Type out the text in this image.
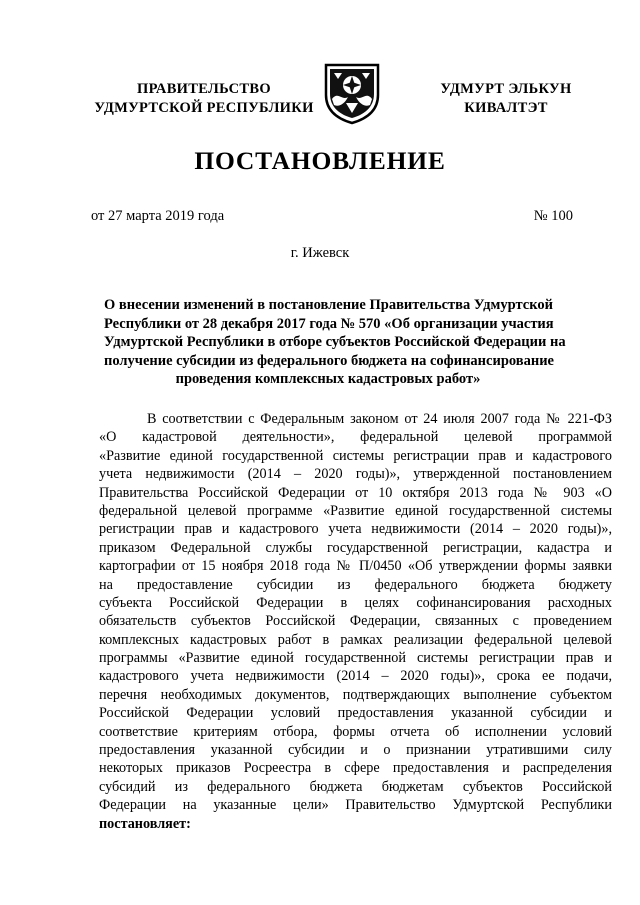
ПРАВИТЕЛЬСТВО
УДМУРТСКОЙ РЕСПУБЛИКИ
УДМУРТ ЭЛЬКУН
КИВАЛТЭТ
ПОСТАНОВЛЕНИЕ
от 27 марта 2019 года	№ 100
г. Ижевск
О внесении изменений в постановление Правительства Удмуртской
Республики от 28 декабря 2017 года № 570 «Об организации участия
Удмуртской Республики в отборе субъектов Российской Федерации на
получение субсидии из федерального бюджета на софинансирование
проведения комплексных кадастровых работ»
В соответствии с Федеральным законом от 24 июля 2007 года № 221-ФЗ
«О кадастровой деятельности», федеральной целевой программой
«Развитие единой государственной системы регистрации прав и кадастрового
учета недвижимости (2014 – 2020 годы)», утвержденной постановлением
Правительства Российской Федерации от 10 октября 2013 года № 903 «О
федеральной целевой программе «Развитие единой государственной системы
регистрации прав и кадастрового учета недвижимости (2014 – 2020 годы)»,
приказом Федеральной службы государственной регистрации, кадастра и
картографии от 15 ноября 2018 года № П/0450 «Об утверждении формы заявки
на предоставление субсидии из федерального бюджета бюджету
субъекта Российской Федерации в целях софинансирования расходных
обязательств субъектов Российской Федерации, связанных с проведением
комплексных кадастровых работ в рамках реализации федеральной целевой
программы «Развитие единой государственной системы регистрации прав и
кадастрового учета недвижимости (2014 – 2020 годы)», срока ее подачи,
перечня необходимых документов, подтверждающих выполнение субъектом
Российской Федерации условий предоставления указанной субсидии и
соответствие критериям отбора, формы отчета об исполнении условий
предоставления указанной субсидии и о признании утратившими силу
некоторых приказов Росреестра в сфере предоставления и распределения
субсидий из федерального бюджета бюджетам субъектов Российской
Федерации на указанные цели» Правительство Удмуртской Республики
постановляет:
